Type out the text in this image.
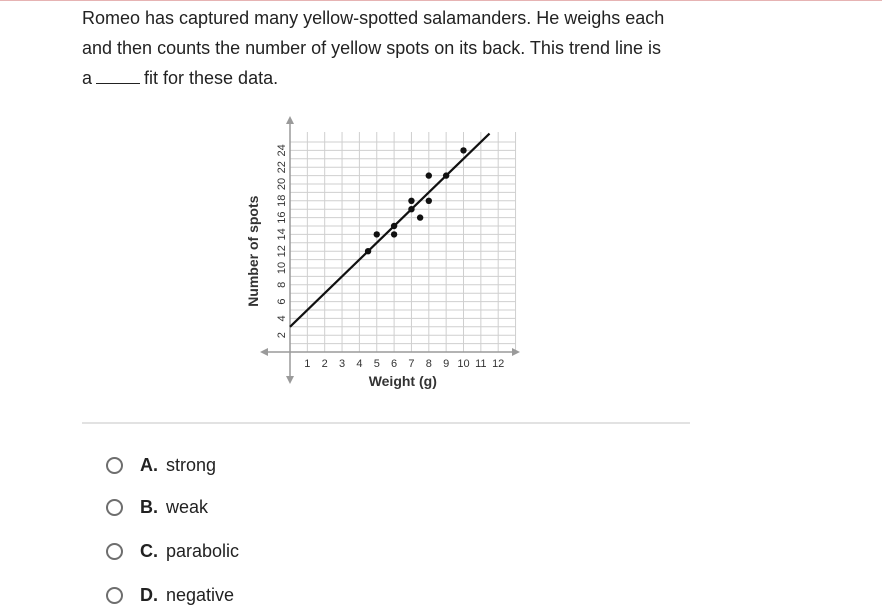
Romeo has captured many yellow-spotted salamanders. He weighs each

and then counts the number of yellow spots on its back. This trend line is

a	fit for these data.

1 2 3 4 5 6 7 8 9 10 11 12
2
4
6
8
10
12
14
16
18
20
22
24
Weight (g)
Number of spots
A. strong
B. weak
C. parabolic
D. negative
